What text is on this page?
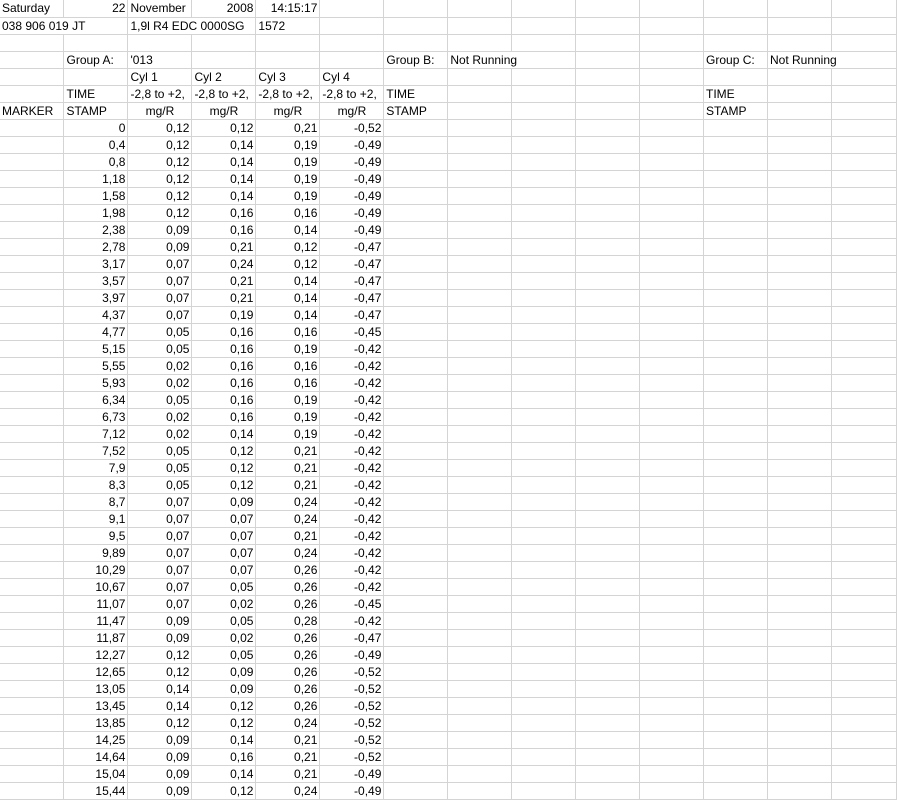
Saturday	22	November	2008	14:15:17									
038 906 019 JT		1,9l R4 EDC 0000SG		1572									

	Group A:	'013				Group B:	Not Running				Group C:	Not Running	
		Cyl 1	Cyl 2	Cyl 3	Cyl 4								
	TIME	-2,8 to +2,	-2,8 to +2,	-2,8 to +2,	-2,8 to +2,	TIME					TIME		
MARKER	STAMP	mg/R	mg/R	mg/R	mg/R	STAMP					STAMP		
	0	0,12	0,12	0,21	-0,52								
	0,4	0,12	0,14	0,19	-0,49								
	0,8	0,12	0,14	0,19	-0,49								
	1,18	0,12	0,14	0,19	-0,49								
	1,58	0,12	0,14	0,19	-0,49								
	1,98	0,12	0,16	0,16	-0,49								
	2,38	0,09	0,16	0,14	-0,49								
	2,78	0,09	0,21	0,12	-0,47								
	3,17	0,07	0,24	0,12	-0,47								
	3,57	0,07	0,21	0,14	-0,47								
	3,97	0,07	0,21	0,14	-0,47								
	4,37	0,07	0,19	0,14	-0,47								
	4,77	0,05	0,16	0,16	-0,45								
	5,15	0,05	0,16	0,19	-0,42								
	5,55	0,02	0,16	0,16	-0,42								
	5,93	0,02	0,16	0,16	-0,42								
	6,34	0,05	0,16	0,19	-0,42								
	6,73	0,02	0,16	0,19	-0,42								
	7,12	0,02	0,14	0,19	-0,42								
	7,52	0,05	0,12	0,21	-0,42								
	7,9	0,05	0,12	0,21	-0,42								
	8,3	0,05	0,12	0,21	-0,42								
	8,7	0,07	0,09	0,24	-0,42								
	9,1	0,07	0,07	0,24	-0,42								
	9,5	0,07	0,07	0,21	-0,42								
	9,89	0,07	0,07	0,24	-0,42								
	10,29	0,07	0,07	0,26	-0,42								
	10,67	0,07	0,05	0,26	-0,42								
	11,07	0,07	0,02	0,26	-0,45								
	11,47	0,09	0,05	0,28	-0,42								
	11,87	0,09	0,02	0,26	-0,47								
	12,27	0,12	0,05	0,26	-0,49								
	12,65	0,12	0,09	0,26	-0,52								
	13,05	0,14	0,09	0,26	-0,52								
	13,45	0,14	0,12	0,26	-0,52								
	13,85	0,12	0,12	0,24	-0,52								
	14,25	0,09	0,14	0,21	-0,52								
	14,64	0,09	0,16	0,21	-0,52								
	15,04	0,09	0,14	0,21	-0,49								
	15,44	0,09	0,12	0,24	-0,49								
